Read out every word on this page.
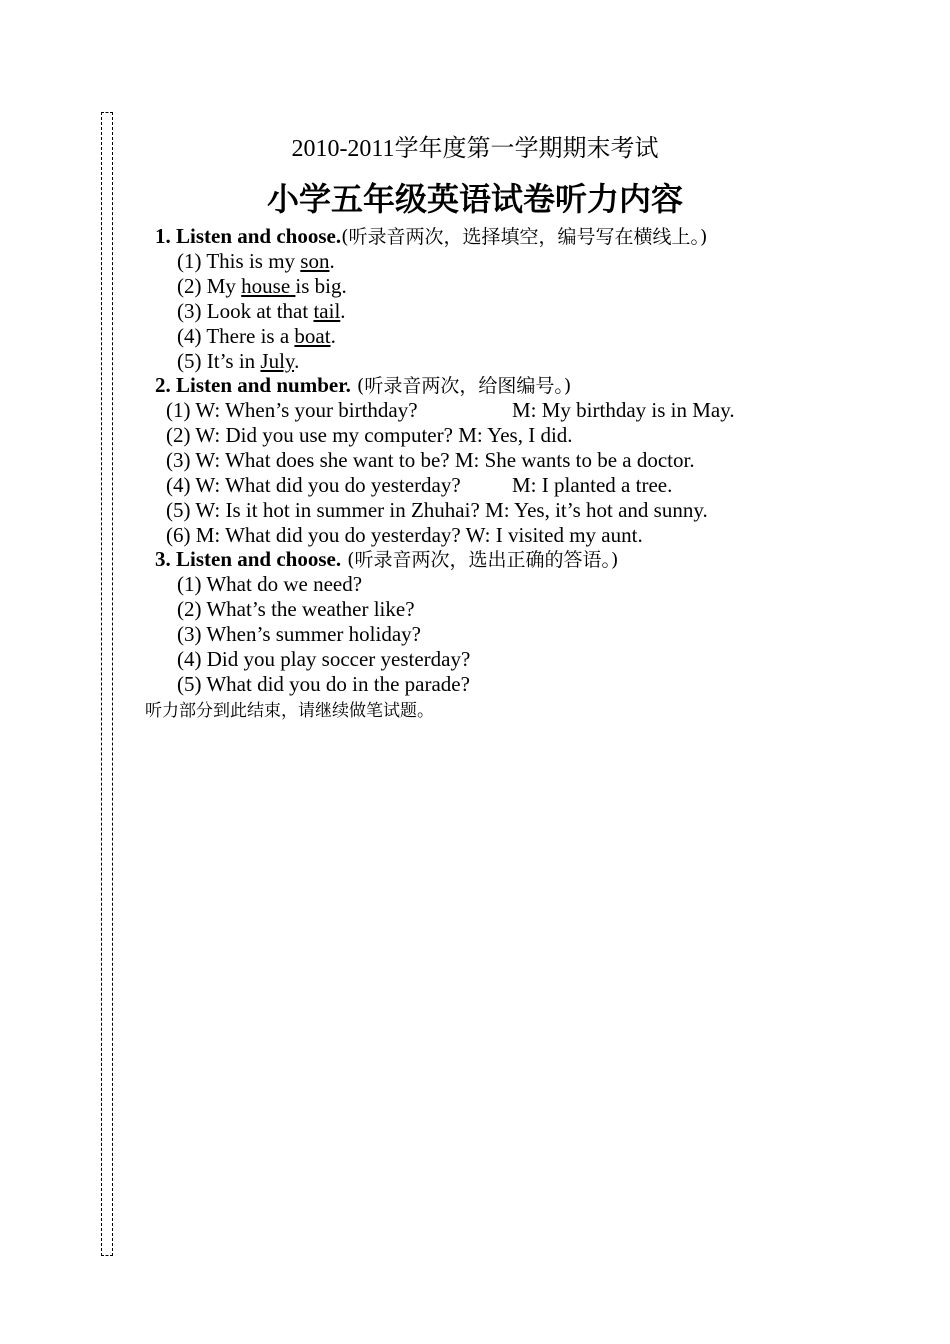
2010-2011学年度第一学期期末考试
小学五年级英语试卷听力内容
1. Listen and choose.(听录音两次，选择填空，编号写在横线上。)
(1) This is my son.
(2) My house is big.
(3) Look at that tail.
(4) There is a boat.
(5) It’s in July.
2. Listen and number. (听录音两次，给图编号。)
(1) W: When’s your birthday?	M: My birthday is in May.
(2) W: Did you use my computer? M: Yes, I did.
(3) W: What does she want to be? M: She wants to be a doctor.
(4) W: What did you do yesterday? M: I planted a tree.
(5) W: Is it hot in summer in Zhuhai? M: Yes, it’s hot and sunny.
(6) M: What did you do yesterday? W: I visited my aunt.
3. Listen and choose. (听录音两次，选出正确的答语。)
(1) What do we need?
(2) What’s the weather like?
(3) When’s summer holiday?
(4) Did you play soccer yesterday?
(5) What did you do in the parade?
听力部分到此结束，请继续做笔试题。
